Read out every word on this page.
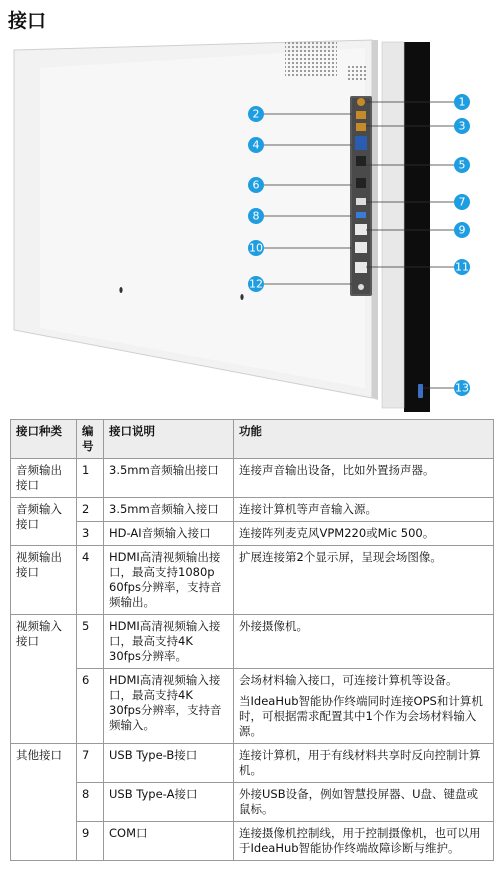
接口
1
3
5
7
9
11
13
2
4
6
8
10
12
接口种类	编号	接口说明	功能
音频输出接口	1	3.5mm音频输出接口	连接声音输出设备，比如外置扬声器。
音频输入接口	2	3.5mm音频输入接口	连接计算机等声音输入源。
	3	HD-AI音频输入接口	连接阵列麦克风VPM220或Mic 500。
视频输出接口	4	HDMI高清视频输出接口，最高支持1080p 60fps分辨率，支持音频输出。	扩展连接第2个显示屏，呈现会场图像。
视频输入接口	5	HDMI高清视频输入接口，最高支持4K 30fps分辨率。	外接摄像机。
	6	HDMI高清视频输入接口，最高支持4K 30fps分辨率，支持音频输入。	会场材料输入接口，可连接计算机等设备。
当IdeaHub智能协作终端同时连接OPS和计算机时，可根据需求配置其中1个作为会场材料输入源。

其他接口	7	USB Type-B接口	连接计算机，用于有线材料共享时反向控制计算机。
	8	USB Type-A接口	外接USB设备，例如智慧投屏器、U盘、键盘或鼠标。
	9	COM口	连接摄像机控制线，用于控制摄像机，也可以用于IdeaHub智能协作终端故障诊断与维护。
